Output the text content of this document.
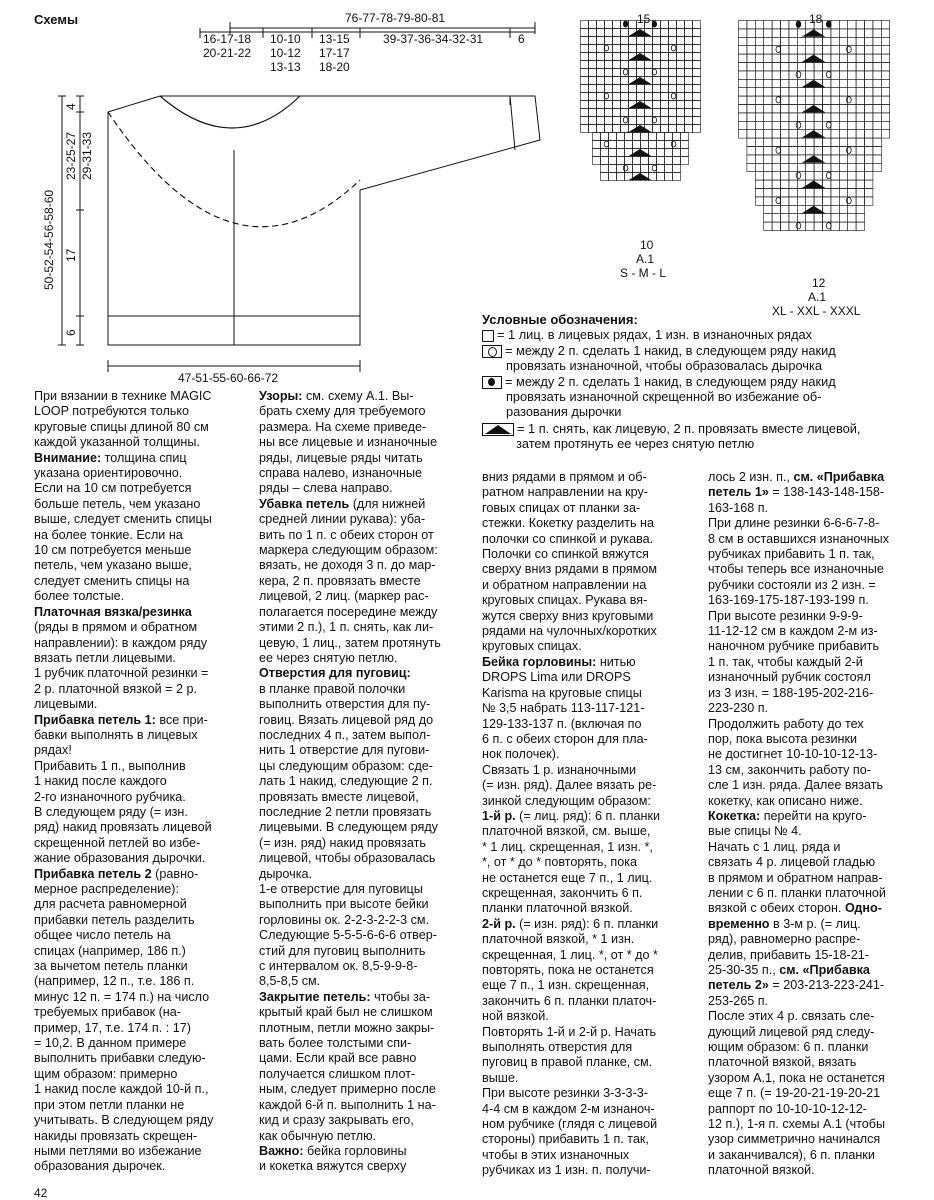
Схемы	76-77-78-79-80-81
16-17-18
20-21-22
10-10
10-12
13-13
13-15
17-17
18-20
39-37-36-34-32-31	6
4
23-25-27 29-31-33
50-52-54-56-58-60 17
6
47-51-55-60-66-72
15
10
A.1
S - M - L
18
12
A.1
XL - XXL - XXXL
Условные обозначения:
= 1 лиц. в лицевых рядах, 1 изн. в изнаночных рядах
= между 2 п. сделать 1 накид, в следующем ряду накид
провязать изнаночной, чтобы образовалась дырочка
= между 2 п. сделать 1 накид, в следующем ряду накид
провязать изнаночной скрещенной во избежание об-
разования дырочки
= 1 п. снять, как лицевую, 2 п. провязать вместе лицевой,
затем протянуть ее через снятую петлю

При вязании в технике MAGIC

LOOP потребуются только

круговые спицы длиной 80 см

каждой указанной толщины.

Внимание: толщина спиц

указана ориентировочно.

Если на 10 см потребуется

больше петель, чем указано

выше, следует сменить спицы

на более тонкие. Если на

10 см потребуется меньше

петель, чем указано выше,

следует сменить спицы на

более толстые.

Платочная вязка/резинка

(ряды в прямом и обратном

направлении): в каждом ряду

вязать петли лицевыми.

1 рубчик платочной резинки =

2 р. платочной вязкой = 2 р.

лицевыми.

Прибавка петель 1: все при-

бавки выполнять в лицевых

рядах!

Прибавить 1 п., выполнив

1 накид после каждого

2-го изнаночного рубчика.

В следующем ряду (= изн.

ряд) накид провязать лицевой

скрещенной петлей во избе-

жание образования дырочки.

Прибавка петель 2 (равно-

мерное распределение):

для расчета равномерной

прибавки петель разделить

общее число петель на

спицах (например, 186 п.)

за вычетом петель планки

(например, 12 п., т.е. 186 п.

минус 12 п. = 174 п.) на число

требуемых прибавок (на-

пример, 17, т.е. 174 п. : 17)

= 10,2. В данном примере

выполнить прибавки следую-

щим образом: примерно

1 накид после каждой 10-й п.,

при этом петли планки не

учитывать. В следующем ряду

накиды провязать скрещен-

ными петлями во избежание

образования дырочек.

Узоры: см. схему A.1. Вы-

брать схему для требуемого

размера. На схеме приведе-

ны все лицевые и изнаночные

ряды, лицевые ряды читать

справа налево, изнаночные

ряды – слева направо.

Убавка петель (для нижней

средней линии рукава): уба-

вить по 1 п. с обеих сторон от

маркера следующим образом:

вязать, не доходя 3 п. до мар-

кера, 2 п. провязать вместе

лицевой, 2 лиц. (маркер рас-

полагается посередине между

этими 2 п.), 1 п. снять, как ли-

цевую, 1 лиц., затем протянуть

ее через снятую петлю.

Отверстия для пуговиц:

в планке правой полочки

выполнить отверстия для пу-

говиц. Вязать лицевой ряд до

последних 4 п., затем выпол-

нить 1 отверстие для пугови-

цы следующим образом: сде-

лать 1 накид, следующие 2 п.

провязать вместе лицевой,

последние 2 петли провязать

лицевыми. В следующем ряду

(= изн. ряд) накид провязать

лицевой, чтобы образовалась

дырочка.

1-е отверстие для пуговицы

выполнить при высоте бейки

горловины ок. 2-2-3-2-2-3 см.

Следующие 5-5-5-6-6-6 отвер-

стий для пуговиц выполнить

с интервалом ок. 8,5-9-9-8-

8,5-8,5 см.

Закрытие петель: чтобы за-

крытый край был не слишком

плотным, петли можно закры-

вать более толстыми спи-

цами. Если край все равно

получается слишком плот-

ным, следует примерно после

каждой 6-й п. выполнить 1 на-

кид и сразу закрывать его,

как обычную петлю.

Важно: бейка горловины

и кокетка вяжутся сверху

вниз рядами в прямом и об-

ратном направлении на кру-

говых спицах от планки за-

стежки. Кокетку разделить на

полочки со спинкой и рукава.

Полочки со спинкой вяжутся

сверху вниз рядами в прямом

и обратном направлении на

круговых спицах. Рукава вя-

жутся сверху вниз круговыми

рядами на чулочных/коротких

круговых спицах.

Бейка горловины: нитью

DROPS Lima или DROPS

Karisma на круговые спицы

№ 3,5 набрать 113-117-121-

129-133-137 п. (включая по

6 п. с обеих сторон для пла-

нок полочек).

Связать 1 р. изнаночными

(= изн. ряд). Далее вязать ре-

зинкой следующим образом:

1-й р. (= лиц. ряд): 6 п. планки

платочной вязкой, см. выше,

* 1 лиц. скрещенная, 1 изн. *,

*, от * до * повторять, пока

не останется еще 7 п., 1 лиц.

скрещенная, закончить 6 п.

планки платочной вязкой.

2-й р. (= изн. ряд): 6 п. планки

платочной вязкой, * 1 изн.

скрещенная, 1 лиц. *, от * до *

повторять, пока не останется

еще 7 п., 1 изн. скрещенная,

закончить 6 п. планки платоч-

ной вязкой.

Повторять 1-й и 2-й р. Начать

выполнять отверстия для

пуговиц в правой планке, см.

выше.

При высоте резинки 3-3-3-3-

4-4 см в каждом 2-м изнаноч-

ном рубчике (глядя с лицевой

стороны) прибавить 1 п. так,

чтобы в этих изнаночных

рубчиках из 1 изн. п. получи-

лось 2 изн. п., см. «Прибавка

петель 1» = 138-143-148-158-

163-168 п.

При длине резинки 6-6-6-7-8-

8 см в оставшихся изнаночных

рубчиках прибавить 1 п. так,

чтобы теперь все изнаночные

рубчики состояли из 2 изн. =

163-169-175-187-193-199 п.

При высоте резинки 9-9-9-

11-12-12 см в каждом 2-м из-

наночном рубчике прибавить

1 п. так, чтобы каждый 2-й

изнаночный рубчик состоял

из 3 изн. = 188-195-202-216-

223-230 п.

Продолжить работу до тех

пор, пока высота резинки

не достигнет 10-10-10-12-13-

13 см, закончить работу по-

сле 1 изн. ряда. Далее вязать

кокетку, как описано ниже.

Кокетка: перейти на круго-

вые спицы № 4.

Начать с 1 лиц. ряда и

связать 4 р. лицевой гладью

в прямом и обратном направ-

лении с 6 п. планки платочной

вязкой с обеих сторон. Одно-

временно в 3-м р. (= лиц.

ряд), равномерно распре-

делив, прибавить 15-18-21-

25-30-35 п., см. «Прибавка

петель 2» = 203-213-223-241-

253-265 п.

После этих 4 р. связать сле-

дующий лицевой ряд следу-

ющим образом: 6 п. планки

платочной вязкой, вязать

узором A.1, пока не останется

еще 7 п. (= 19-20-21-19-20-21

раппорт по 10-10-10-12-12-

12 п.), 1-я п. схемы A.1 (чтобы

узор симметрично начинался

и заканчивался), 6 п. планки

платочной вязкой.

42
